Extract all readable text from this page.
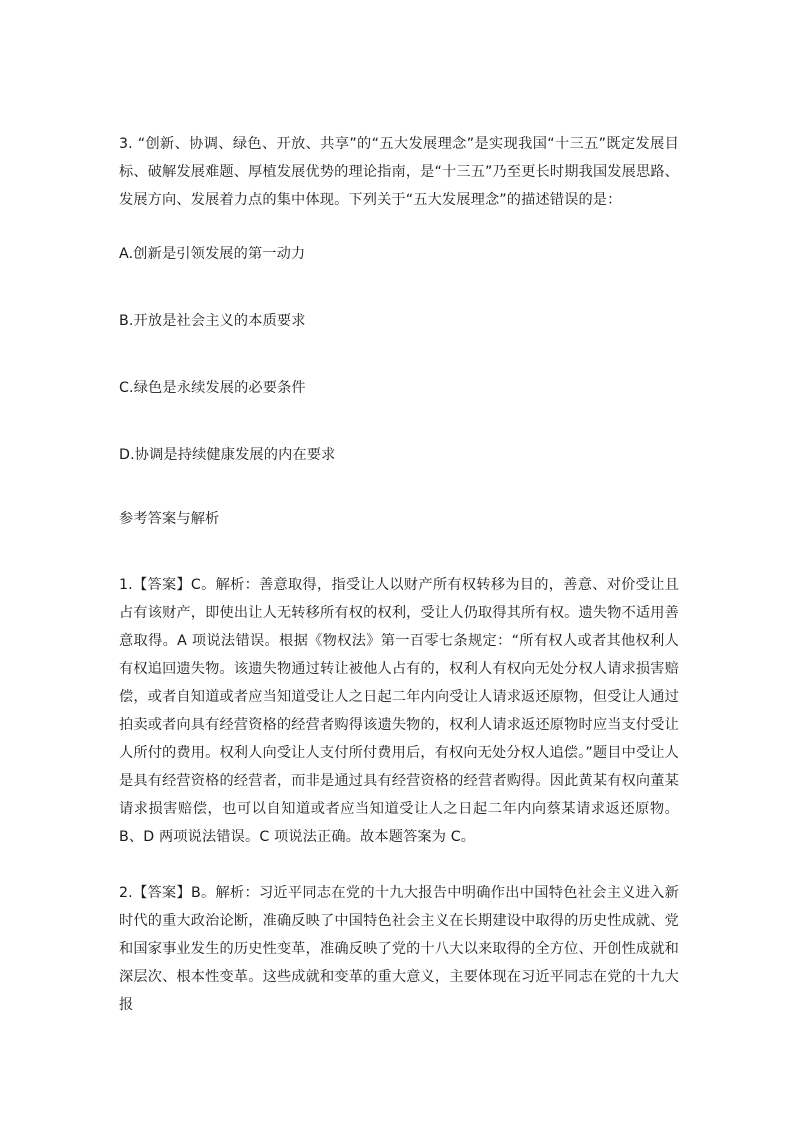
3. “创新、协调、绿色、开放、共享”的“五大发展理念”是实现我国“十三五”既定发展目标、破解发展难题、厚植发展优势的理论指南，是“十三五”乃至更长时期我国发展思路、发展方向、发展着力点的集中体现。下列关于“五大发展理念”的描述错误的是：

A.创新是引领发展的第一动力

B.开放是社会主义的本质要求

C.绿色是永续发展的必要条件

D.协调是持续健康发展的内在要求

参考答案与解析

1.【答案】C。解析：善意取得，指受让人以财产所有权转移为目的，善意、对价受让且占有该财产，即使出让人无转移所有权的权利，受让人仍取得其所有权。遗失物不适用善意取得。A 项说法错误。根据《物权法》第一百零七条规定：“所有权人或者其他权利人有权追回遗失物。该遗失物通过转让被他人占有的，权利人有权向无处分权人请求损害赔偿，或者自知道或者应当知道受让人之日起二年内向受让人请求返还原物，但受让人通过拍卖或者向具有经营资格的经营者购得该遗失物的，权利人请求返还原物时应当支付受让人所付的费用。权利人向受让人支付所付费用后，有权向无处分权人追偿。”题目中受让人是具有经营资格的经营者，而非是通过具有经营资格的经营者购得。因此黄某有权向董某请求损害赔偿，也可以自知道或者应当知道受让人之日起二年内向蔡某请求返还原物。B、D 两项说法错误。C 项说法正确。故本题答案为 C。

2.【答案】B。解析：习近平同志在党的十九大报告中明确作出中国特色社会主义进入新时代的重大政治论断，准确反映了中国特色社会主义在长期建设中取得的历史性成就、党和国家事业发生的历史性变革，准确反映了党的十八大以来取得的全方位、开创性成就和深层次、根本性变革。这些成就和变革的重大意义，主要体现在习近平同志在党的十九大报
